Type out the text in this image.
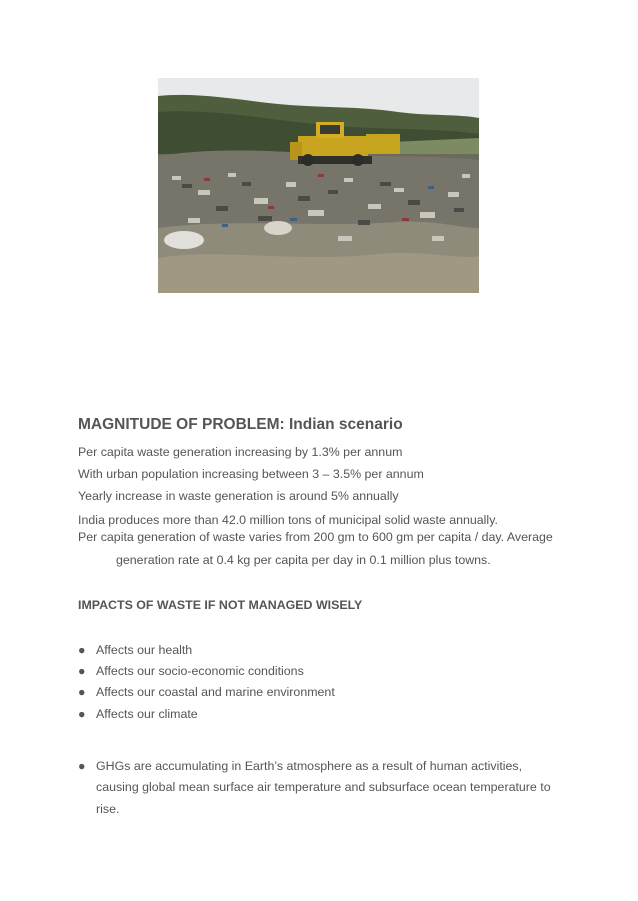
MAGNITUDE OF PROBLEM: Indian scenario
Per capita waste generation increasing by 1.3% per annum
With urban population increasing between 3 – 3.5% per annum
Yearly increase in waste generation is around 5% annually
India produces more than 42.0 million tons of municipal solid waste annually.
Per capita generation of waste varies from 200 gm to 600 gm per capita / day. Average
generation rate at 0.4 kg per capita per day in 0.1 million plus towns.
IMPACTS OF WASTE IF NOT MANAGED WISELY
● Affects our health
● Affects our socio-economic conditions
● Affects our coastal and marine environment
● Affects our climate
● GHGs are accumulating in Earth’s atmosphere as a result of human activities,
causing global mean surface air temperature and subsurface ocean temperature to
rise.
